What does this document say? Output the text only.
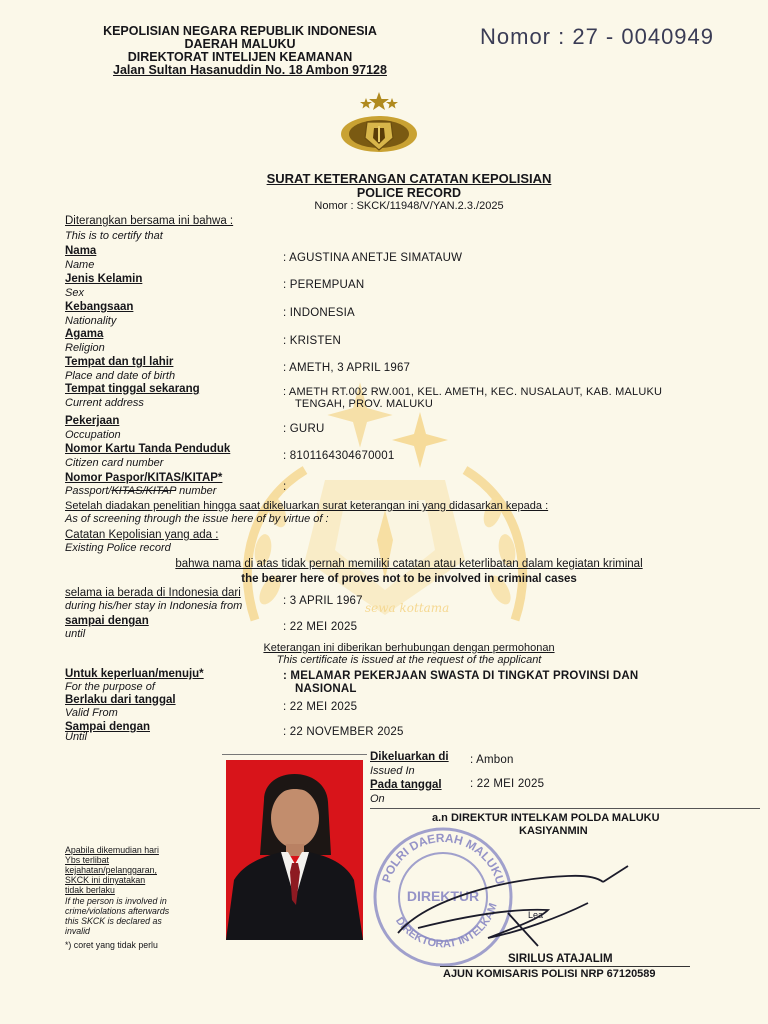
sewa kottama
KEPOLISIAN NEGARA REPUBLIK INDONESIA
DAERAH MALUKU
DIREKTORAT INTELIJEN KEAMANAN
Jalan Sultan Hasanuddin No. 18 Ambon 97128
Nomor : 27 - 0040949
SURAT KETERANGAN CATATAN KEPOLISIAN
POLICE RECORD
Nomor : SKCK/11948/V/YAN.2.3./2025
Diterangkan bersama ini bahwa :
This is to certify that
Nama
Name
: AGUSTINA ANETJE SIMATAUW
Jenis Kelamin
Sex
: PEREMPUAN
Kebangsaan
Nationality
: INDONESIA
Agama
Religion
: KRISTEN
Tempat dan tgl lahir
Place and date of birth
: AMETH, 3 APRIL 1967
Tempat tinggal sekarang
Current address
: AMETH RT.002 RW.001, KEL. AMETH, KEC. NUSALAUT, KAB. MALUKU
TENGAH, PROV. MALUKU
Pekerjaan
Occupation	: GURU
Nomor Kartu Tanda Penduduk
Citizen card number
: 8101164304670001
Nomor Paspor/KITAS/KITAP*
Passport/KITAS/KITAP number	:
Setelah diadakan penelitian hingga saat dikeluarkan surat keterangan ini yang didasarkan kepada :
As of screening through the issue here of by virtue of :
Catatan Kepolisian yang ada :
Existing Police record
bahwa nama di atas tidak pernah memiliki catatan atau keterlibatan dalam kegiatan kriminal
the bearer here of proves not to be involved in criminal cases
selama ia berada di Indonesia dari
during his/her stay in Indonesia from	: 3 APRIL 1967
sampai dengan
until
: 22 MEI 2025
Keterangan ini diberikan berhubungan dengan permohonan
This certificate is issued at the request of the applicant
Untuk keperluan/menuju*
For the purpose of
: MELAMAR PEKERJAAN SWASTA DI TINGKAT PROVINSI DAN
NASIONAL
Berlaku dari tanggal
Valid From	: 22 MEI 2025
Sampai dengan
Until	: 22 NOVEMBER 2025
Dikeluarkan di
Issued In
: Ambon
Pada tanggal
On
: 22 MEI 2025
a.n DIREKTUR INTELKAM POLDA MALUKU
KASIYANMIN
POLRI DAERAH MALUKU
DIREKTORAT INTELKAM
DIREKTUR
Lea
SIRILUS ATAJALIM
AJUN KOMISARIS POLISI NRP 67120589
Apabila dikemudian hari
Ybs terlibat
kejahatan/pelanggaran,
SKCK ini dinyatakan
tidak berlaku
If the person is involved in
crime/violations afterwards
this SKCK is declared as
invalid
*) coret yang tidak perlu
